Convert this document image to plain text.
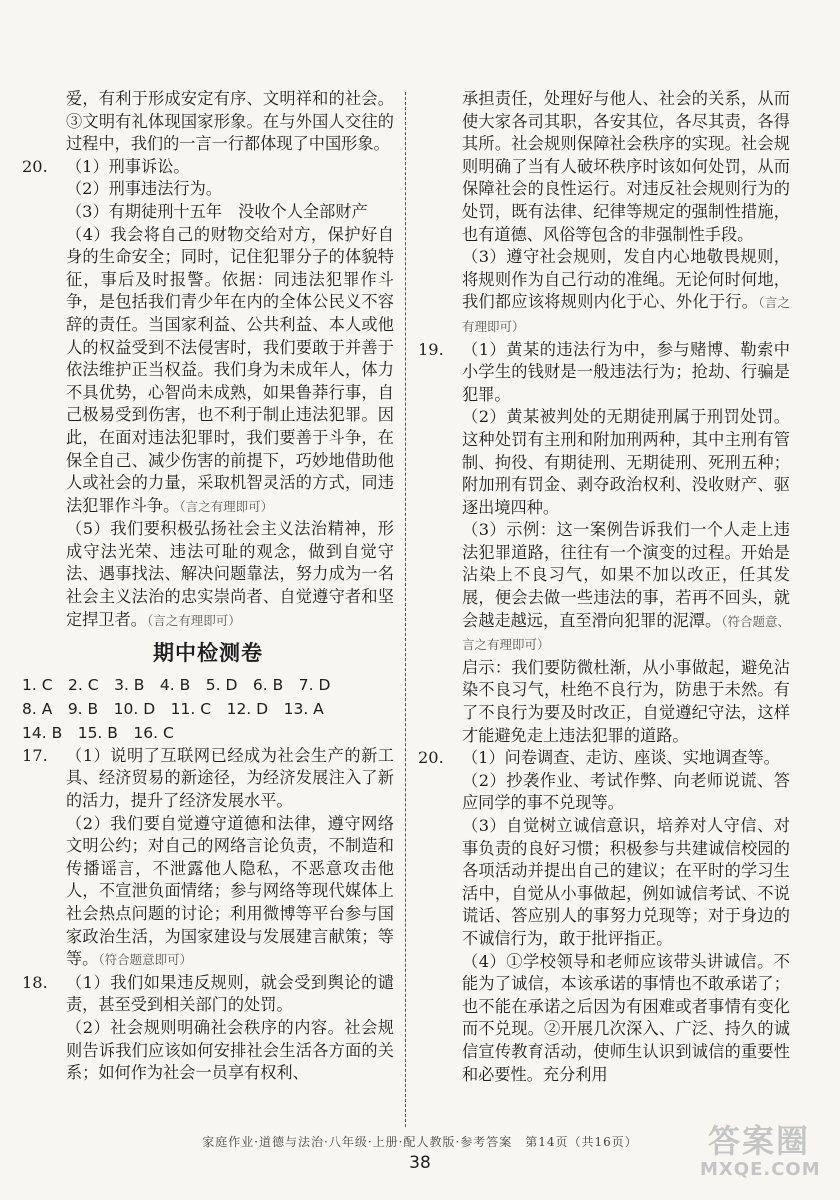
爱，有利于形成安定有序、文明祥和的社会。③文明有礼体现国家形象。在与外国人交往的过程中，我们的一言一行都体现了中国形象。

20.	（1）刑事诉讼。

（2）刑事违法行为。

（3）有期徒刑十五年　没收个人全部财产

（4）我会将自己的财物交给对方，保护好自身的生命安全；同时，记住犯罪分子的体貌特征，事后及时报警。依据：同违法犯罪作斗争，是包括我们青少年在内的全体公民义不容辞的责任。当国家利益、公共利益、本人或他人的权益受到不法侵害时，我们要敢于并善于依法维护正当权益。我们身为未成年人，体力不具优势，心智尚未成熟，如果鲁莽行事，自己极易受到伤害，也不利于制止违法犯罪。因此，在面对违法犯罪时，我们要善于斗争，在保全自己、减少伤害的前提下，巧妙地借助他人或社会的力量，采取机智灵活的方式，同违法犯罪作斗争。（言之有理即可）

（5）我们要积极弘扬社会主义法治精神，形成守法光荣、违法可耻的观念，做到自觉守法、遇事找法、解决问题靠法，努力成为一名社会主义法治的忠实崇尚者、自觉遵守者和坚定捍卫者。（言之有理即可）

期中检测卷
1. C　2. C　3. B　4. B　5. D　6. B　7. D
8. A　9. B　10. D　11. C　12. D　13. A
14. B　15. B　16. C
17.	（1）说明了互联网已经成为社会生产的新工具、经济贸易的新途径，为经济发展注入了新的活力，提升了经济发展水平。

（2）我们要自觉遵守道德和法律，遵守网络文明公约；对自己的网络言论负责，不制造和传播谣言，不泄露他人隐私，不恶意攻击他人，不宣泄负面情绪；参与网络等现代媒体上社会热点问题的讨论；利用微博等平台参与国家政治生活，为国家建设与发展建言献策；等等。（符合题意即可）

18.	（1）我们如果违反规则，就会受到舆论的谴责，甚至受到相关部门的处罚。

（2）社会规则明确社会秩序的内容。社会规则告诉我们应该如何安排社会生活各方面的关系；如何作为社会一员享有权利、

承担责任，处理好与他人、社会的关系，从而使大家各司其职，各安其位，各尽其责，各得其所。社会规则保障社会秩序的实现。社会规则明确了当有人破坏秩序时该如何处罚，从而保障社会的良性运行。对违反社会规则行为的处罚，既有法律、纪律等规定的强制性措施，也有道德、风俗等包含的非强制性手段。

（3）遵守社会规则，发自内心地敬畏规则，将规则作为自己行动的准绳。无论何时何地，我们都应该将规则内化于心、外化于行。（言之有理即可）

19.	（1）黄某的违法行为中，参与赌博、勒索中小学生的钱财是一般违法行为；抢劫、行骗是犯罪。

（2）黄某被判处的无期徒刑属于刑罚处罚。这种处罚有主刑和附加刑两种，其中主刑有管制、拘役、有期徒刑、无期徒刑、死刑五种；附加刑有罚金、剥夺政治权利、没收财产、驱逐出境四种。

（3）示例：这一案例告诉我们一个人走上违法犯罪道路，往往有一个演变的过程。开始是沾染上不良习气，如果不加以改正，任其发展，便会去做一些违法的事，若再不回头，就会越走越远，直至滑向犯罪的泥潭。（符合题意、言之有理即可）

启示：我们要防微杜渐，从小事做起，避免沾染不良习气，杜绝不良行为，防患于未然。有了不良行为要及时改正，自觉遵纪守法，这样才能避免走上违法犯罪的道路。

20.	（1）问卷调查、走访、座谈、实地调查等。

（2）抄袭作业、考试作弊、向老师说谎、答应同学的事不兑现等。

（3）自觉树立诚信意识，培养对人守信、对事负责的良好习惯；积极参与共建诚信校园的各项活动并提出自己的建议；在平时的学习生活中，自觉从小事做起，例如诚信考试、不说谎话、答应别人的事努力兑现等；对于身边的不诚信行为，敢于批评指正。

（4）①学校领导和老师应该带头讲诚信。不能为了诚信，本该承诺的事情也不敢承诺了；也不能在承诺之后因为有困难或者事情有变化而不兑现。②开展几次深入、广泛、持久的诚信宣传教育活动，使师生认识到诚信的重要性和必要性。充分利用

家庭作业·道德与法治·八年级·上册·配人教版·参考答案　第14页（共16页）
38
答案圈
MXQE.COM
